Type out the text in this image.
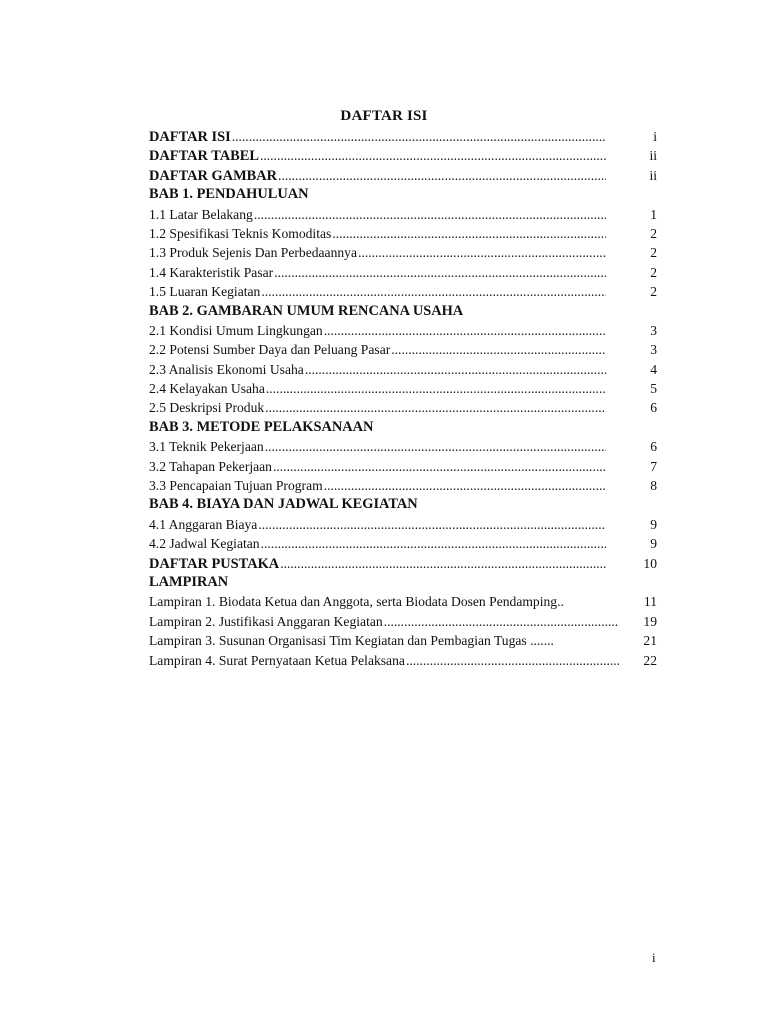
DAFTAR ISI
DAFTAR ISI .....	i
DAFTAR TABEL .....	ii
DAFTAR GAMBAR .....	ii
BAB 1. PENDAHULUAN
1.1 Latar Belakang .....	1
1.2 Spesifikasi Teknis Komoditas .....	2
1.3 Produk Sejenis Dan Perbedaannya .....	2
1.4 Karakteristik Pasar .....	2
1.5 Luaran Kegiatan .....	2
BAB 2. GAMBARAN UMUM RENCANA USAHA
2.1 Kondisi Umum Lingkungan .....	3
2.2 Potensi Sumber Daya dan Peluang Pasar .....	3
2.3 Analisis Ekonomi Usaha .....	4
2.4 Kelayakan Usaha .....	5
2.5 Deskripsi Produk .....	6
BAB 3. METODE PELAKSANAAN
3.1 Teknik Pekerjaan .....	6
3.2 Tahapan Pekerjaan .....	7
3.3 Pencapaian Tujuan Program .....	8
BAB 4. BIAYA DAN JADWAL KEGIATAN
4.1 Anggaran Biaya .....	9
4.2 Jadwal Kegiatan .....	9
DAFTAR PUSTAKA .....	10
LAMPIRAN
Lampiran 1. Biodata Ketua dan Anggota, serta Biodata Dosen Pendamping..	11
Lampiran 2. Justifikasi Anggaran Kegiatan .....	19
Lampiran 3. Susunan Organisasi Tim Kegiatan dan Pembagian Tugas .......	21
Lampiran 4. Surat Pernyataan Ketua Pelaksana .....	22
i
